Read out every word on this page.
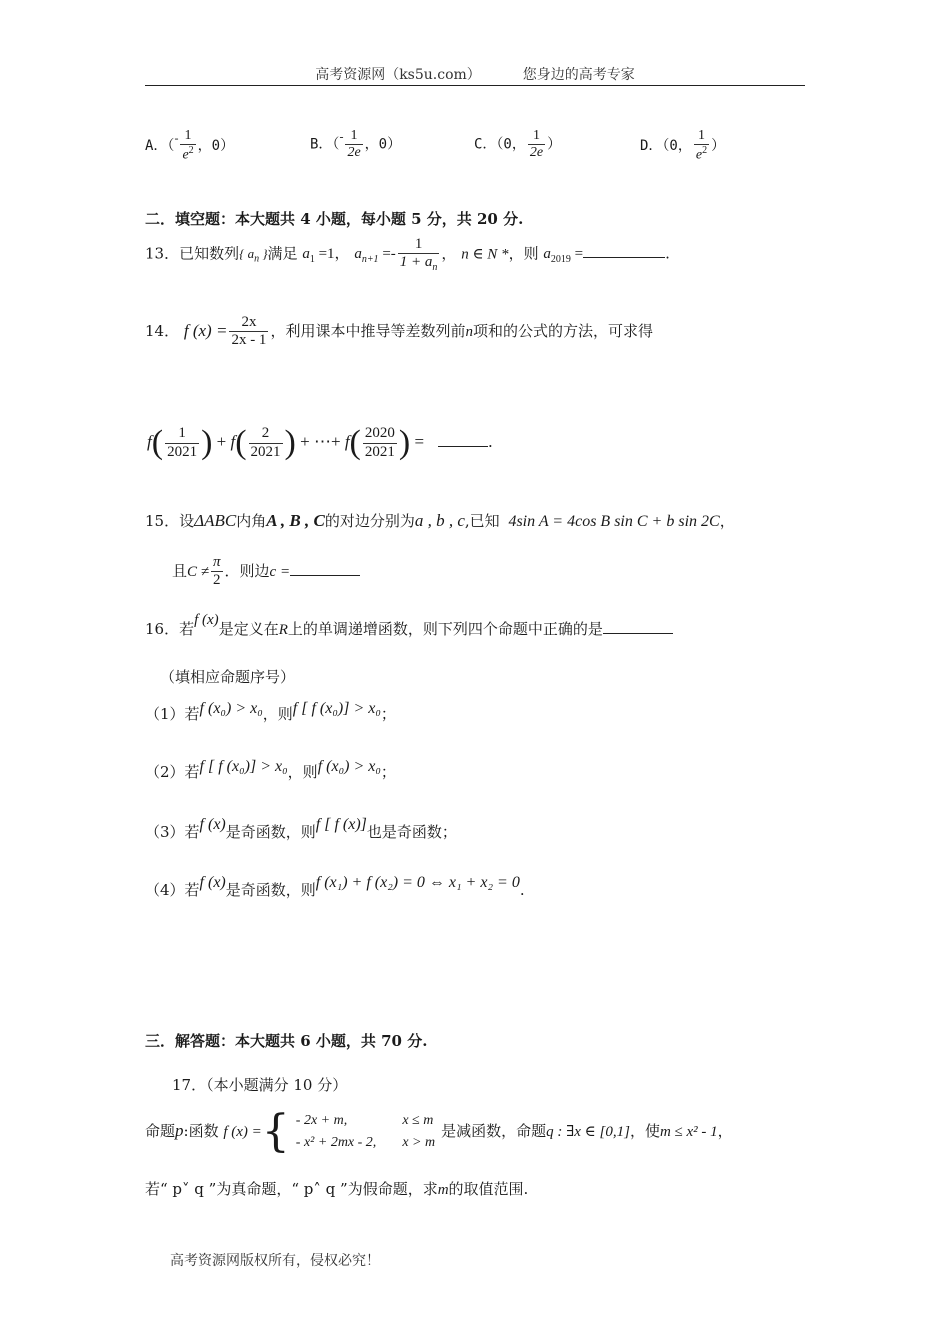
高考资源网（ks5u.com）	您身边的高考专家
A．（- $\frac{1}{e^2}$ ，0）	B．（- $\frac{1}{2e}$ ，0）	C．（0， $\frac{1}{2e}$ ）	D．（0， $\frac{1}{e^2}$ ）
二．填空题：本大题共 4 小题，每小题 5 分，共 20 分.
13．已知数列{ $a_n$ }满足 $a_1 =1$， $a_{n+1} =- \frac{1}{1 + a_n}$ ， n ∈ N *，则 $a_{2019}$ =	.
14． f $(x) = \frac{2x}{2x - 1}$ ，利用课本中推导等差数列前n项和的公式的方法，可求得
$f( \frac{1}{2021}$ ) + $f( \frac{2}{2021}$ ) + ⋯+ $f( \frac{2020}{2021}$ ) =	.
15．设ΔABC内角A , B , C的对边分别为a , b , c,已知 4sin A = 4cos B sin C + b sin 2C，
且$C \ne \frac{\pi}{2}$ ．则边c =
16．若f (x)是定义在R上的单调递增函数，则下列四个命题中正确的是
（填相应命题序号）
（1）若f (x₀) > x₀，则f [ f (x₀)] > x₀；
（2）若f [ f (x₀)] > x₀，则f (x₀) > x₀；
（3）若f (x)是奇函数，则f [ f (x)]也是奇函数；
（4）若f (x)是奇函数，则f (x₁) + f (x₂) = 0 ⇔ x₁ + x₂ = 0.
三．解答题：本大题共 6 小题，共 70 分.
17．（本小题满分 10 分）
命题p:函数 f (x) ={ - 2x + m,	x ≤ m
- x² + 2mx - 2,	x > m是减函数，命题q : ∃x ∈ [0,1]，使m ≤ x² - 1，
若“ p˅ q ”为真命题，“ p˄ q ”为假命题，求m的取值范围.
高考资源网版权所有，侵权必究！
